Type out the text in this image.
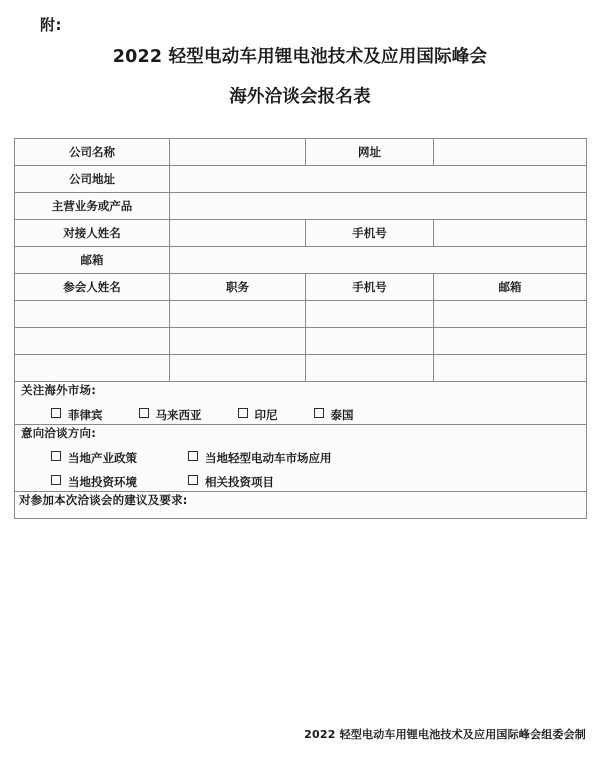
附:
2022 轻型电动车用锂电池技术及应用国际峰会
海外洽谈会报名表
公司名称		网址	
公司地址			
主营业务或产品			
对接人姓名		手机号	
邮箱			
参会人姓名	职务	手机号	邮箱

关注海外市场:
菲律宾 马来西亚 印尼 泰国			

意向洽谈方向:
当地产业政策 当地轻型电动车市场应用
当地投资环境 相关投资项目			

对参加本次洽谈会的建议及要求:			
2022 轻型电动车用锂电池技术及应用国际峰会组委会制
